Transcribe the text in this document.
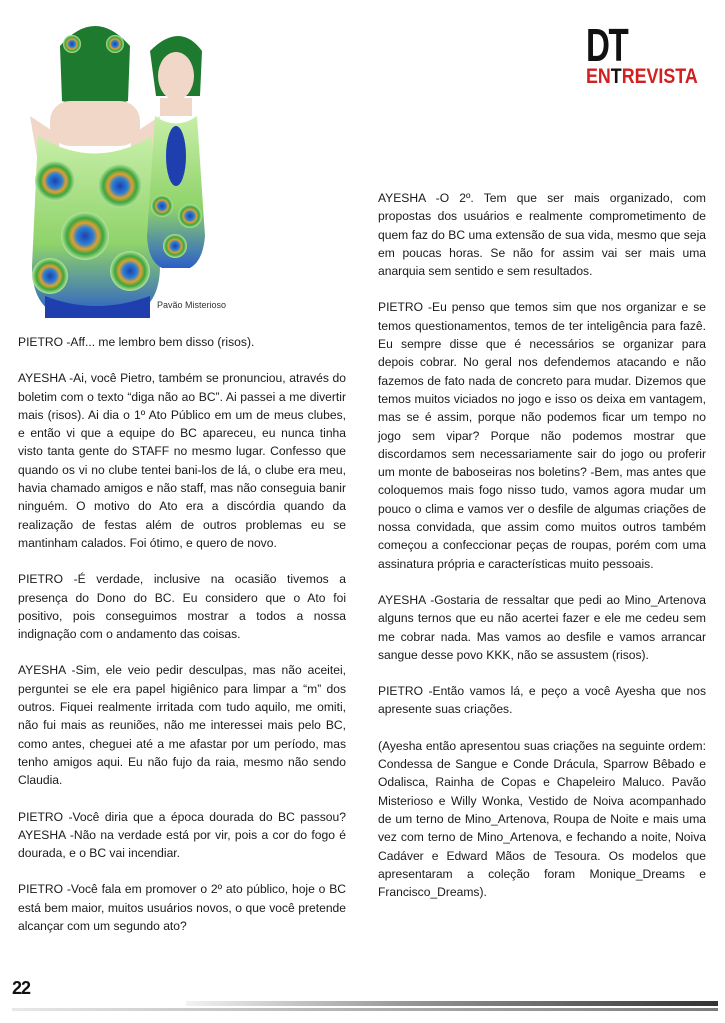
Pavão Misterioso
DT
ENTREVISTA

PIETRO -Aff... me lembro bem disso (risos).

AYESHA -Ai, você Pietro, também se pronunciou, através do boletim com o texto “diga não ao BC”. Ai passei a me divertir mais (risos). Ai dia o 1º Ato Público em um de meus clubes, e então vi que a equipe do BC apareceu, eu nunca tinha visto tanta gente do STAFF no mesmo lugar. Confesso que quando os vi no clube tentei bani-los de lá, o clube era meu, havia chamado amigos e não staff, mas não conseguia banir ninguém. O motivo do Ato era a discórdia quando da realização de festas além de outros problemas eu se mantinham calados. Foi ótimo, e quero de novo.

PIETRO -É verdade, inclusive na ocasião tivemos a presença do Dono do BC. Eu considero que o Ato foi positivo, pois conseguimos mostrar a todos a nossa indignação com o andamento das coisas.

AYESHA -Sim, ele veio pedir desculpas, mas não aceitei, perguntei se ele era papel higiênico para limpar a “m” dos outros. Fiquei realmente irritada com tudo aquilo, me omiti, não fui mais as reuniões, não me interessei mais pelo BC, como antes, cheguei até a me afastar por um período, mas tenho amigos aqui. Eu não fujo da raia, mesmo não sendo Claudia.

PIETRO -Você diria que a época dourada do BC passou? AYESHA -Não na verdade está por vir, pois a cor do fogo é dourada, e o BC vai incendiar.

PIETRO -Você fala em promover o 2º ato público, hoje o BC está bem maior, muitos usuários novos, o que você pretende alcançar com um segundo ato?

AYESHA -O 2º. Tem que ser mais organizado, com propostas dos usuários e realmente comprometimento de quem faz do BC uma extensão de sua vida, mesmo que seja em poucas horas. Se não for assim vai ser mais uma anarquia sem sentido e sem resultados.

PIETRO -Eu penso que temos sim que nos organizar e se temos questionamentos, temos de ter inteligência para fazê. Eu sempre disse que é necessários se organizar para depois cobrar. No geral nos defendemos atacando e não fazemos de fato nada de concreto para mudar. Dizemos que temos muitos viciados no jogo e isso os deixa em vantagem, mas se é assim, porque não podemos ficar um tempo no jogo sem vipar? Porque não podemos mostrar que discordamos sem necessariamente sair do jogo ou proferir um monte de baboseiras nos boletins? -Bem, mas antes que coloquemos mais fogo nisso tudo, vamos agora mudar um pouco o clima e vamos ver o desfile de algumas criações de nossa convidada, que assim como muitos outros também começou a confeccionar peças de roupas, porém com uma assinatura própria e características muito pessoais.

AYESHA -Gostaria de ressaltar que pedi ao Mino_Artenova alguns ternos que eu não acertei fazer e ele me cedeu sem me cobrar nada. Mas vamos ao desfile e vamos arrancar sangue desse povo KKK, não se assustem (risos).

PIETRO -Então vamos lá, e peço a você Ayesha que nos apresente suas criações.

(Ayesha então apresentou suas criações na seguinte ordem: Condessa de Sangue e Conde Drácula, Sparrow Bêbado e Odalisca, Rainha de Copas e Chapeleiro Maluco. Pavão Misterioso e Willy Wonka, Vestido de Noiva acompanhado de um terno de Mino_Artenova, Roupa de Noite e mais uma vez com terno de Mino_Artenova, e fechando a noite, Noiva Cadáver e Edward Mãos de Tesoura. Os modelos que apresentaram a coleção foram Monique_Dreams e Francisco_Dreams).

22
